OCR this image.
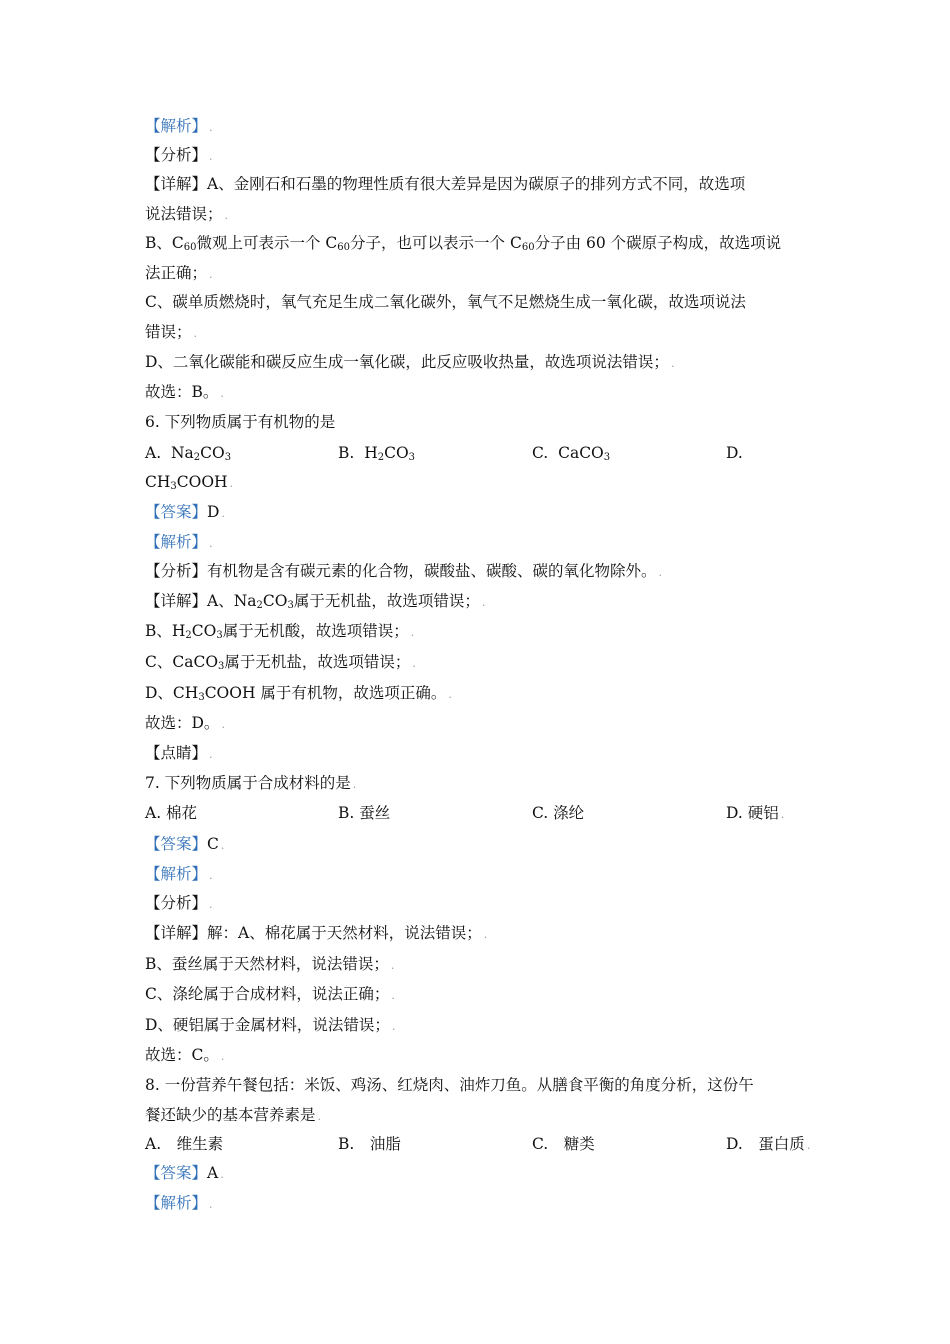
【解析】 .
【分析】 .
【详解】A、金刚石和石墨的物理性质有很大差异是因为碳原子的排列方式不同，故选项
说法错误； .
B、$C_{60}$微观上可表示一个 $C_{60}$分子，也可以表示一个 $C_{60}$分子由 60 个碳原子构成，故选项说
法正确； .
C、碳单质燃烧时，氧气充足生成二氧化碳外，氧气不足燃烧生成一氧化碳，故选项说法
错误； .
D、二氧化碳能和碳反应生成一氧化碳，此反应吸收热量，故选项说法错误； .
故选：B。 .
6. 下列物质属于有机物的是
A. $Na_2CO_3$	B. $H_2CO_3$	C. CaCO$_3$	D.
$CH_3COOH$ .
【答案】D .
【解析】 .
【分析】有机物是含有碳元素的化合物，碳酸盐、碳酸、碳的氧化物除外。 .
【详解】A、$Na_2CO_3$属于无机盐，故选项错误； .
B、$H_2CO_3$属于无机酸，故选项错误； .
C、CaCO$_3$属于无机盐，故选项错误； .
D、$CH_3COOH$ 属于有机物，故选项正确。 .
故选：D。 .
【点睛】 .
7. 下列物质属于合成材料的是 .
A. 棉花	B. 蚕丝	C. 涤纶	D. 硬铝 .
【答案】C .
【解析】 .
【分析】 .
【详解】解：A、棉花属于天然材料，说法错误； .
B、蚕丝属于天然材料，说法错误； .
C、涤纶属于合成材料，说法正确； .
D、硬铝属于金属材料，说法错误； .
故选：C。 .
8. 一份营养午餐包括：米饭、鸡汤、红烧肉、油炸刀鱼。从膳食平衡的角度分析，这份午
餐还缺少的基本营养素是 .
A.　维生素	B.　油脂	C.　糖类	D.　蛋白质 .
【答案】A .
【解析】 .
